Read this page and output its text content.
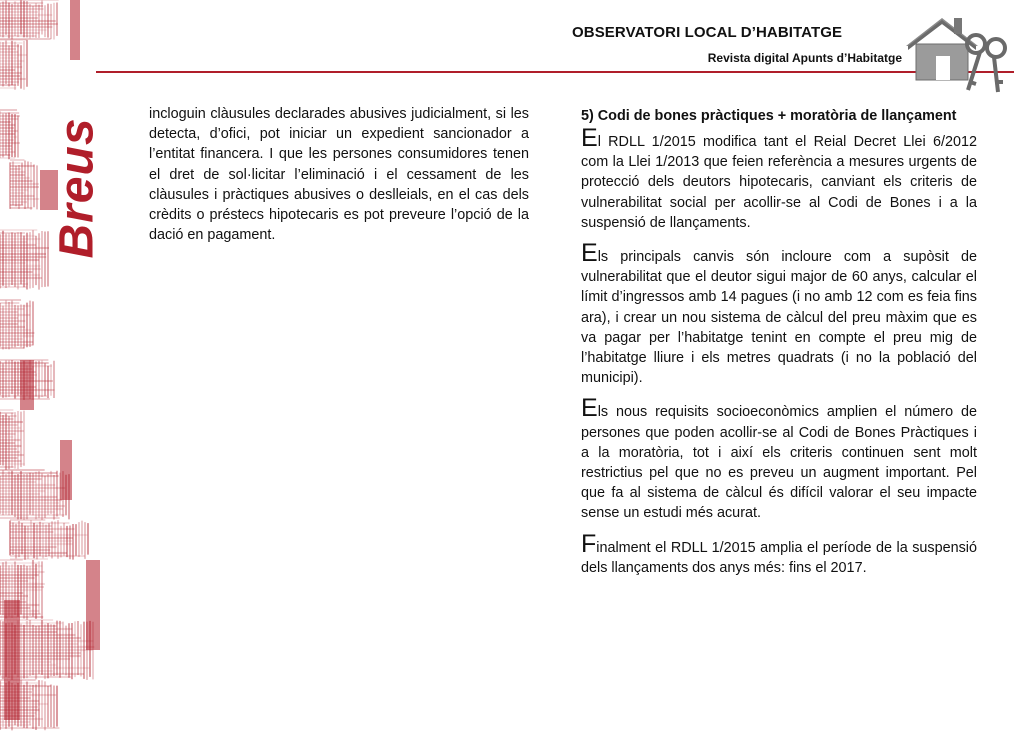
Breus
OBSERVATORI LOCAL D’HABITATGE
Revista digital Apunts d’Habitatge
incloguin clàusules declarades abusives judicialment, si les detecta, d’ofici, pot iniciar un expedient sancionador a l’entitat financera. I que les persones consumidores tenen el dret de sol·licitar l’eliminació i el cessament de les clàusules i pràctiques abusives o deslleials, en el cas dels crèdits o préstecs hipotecaris es pot preveure l’opció de la dació en pagament.
5) Codi de bones pràctiques + moratòria de llançament

El RDLL 1/2015 modifica tant el Reial Decret Llei 6/2012 com la Llei 1/2013 que feien referència a mesures urgents de protecció dels deutors hipotecaris, canviant els criteris de vulnerabilitat social per acollir-se al Codi de Bones i a la suspensió de llançaments.

Els principals canvis són incloure com a supòsit de vulnerabilitat que el deutor sigui major de 60 anys, calcular el límit d’ingressos amb 14 pagues (i no amb 12 com es feia fins ara), i crear un nou sistema de càlcul del preu màxim que es va pagar per l’habitatge tenint en compte el preu mig de l’habitatge lliure i els metres quadrats (i no la població del municipi).

Els nous requisits socioeconòmics amplien el número de persones que poden acollir-se al Codi de Bones Pràctiques i a la moratòria, tot i així els criteris continuen sent molt restrictius pel que no es preveu un augment important. Pel que fa al sistema de càlcul és difícil valorar el seu impacte sense un estudi més acurat.

Finalment el RDLL 1/2015 amplia el període de la suspensió dels llançaments dos anys més: fins el 2017.
